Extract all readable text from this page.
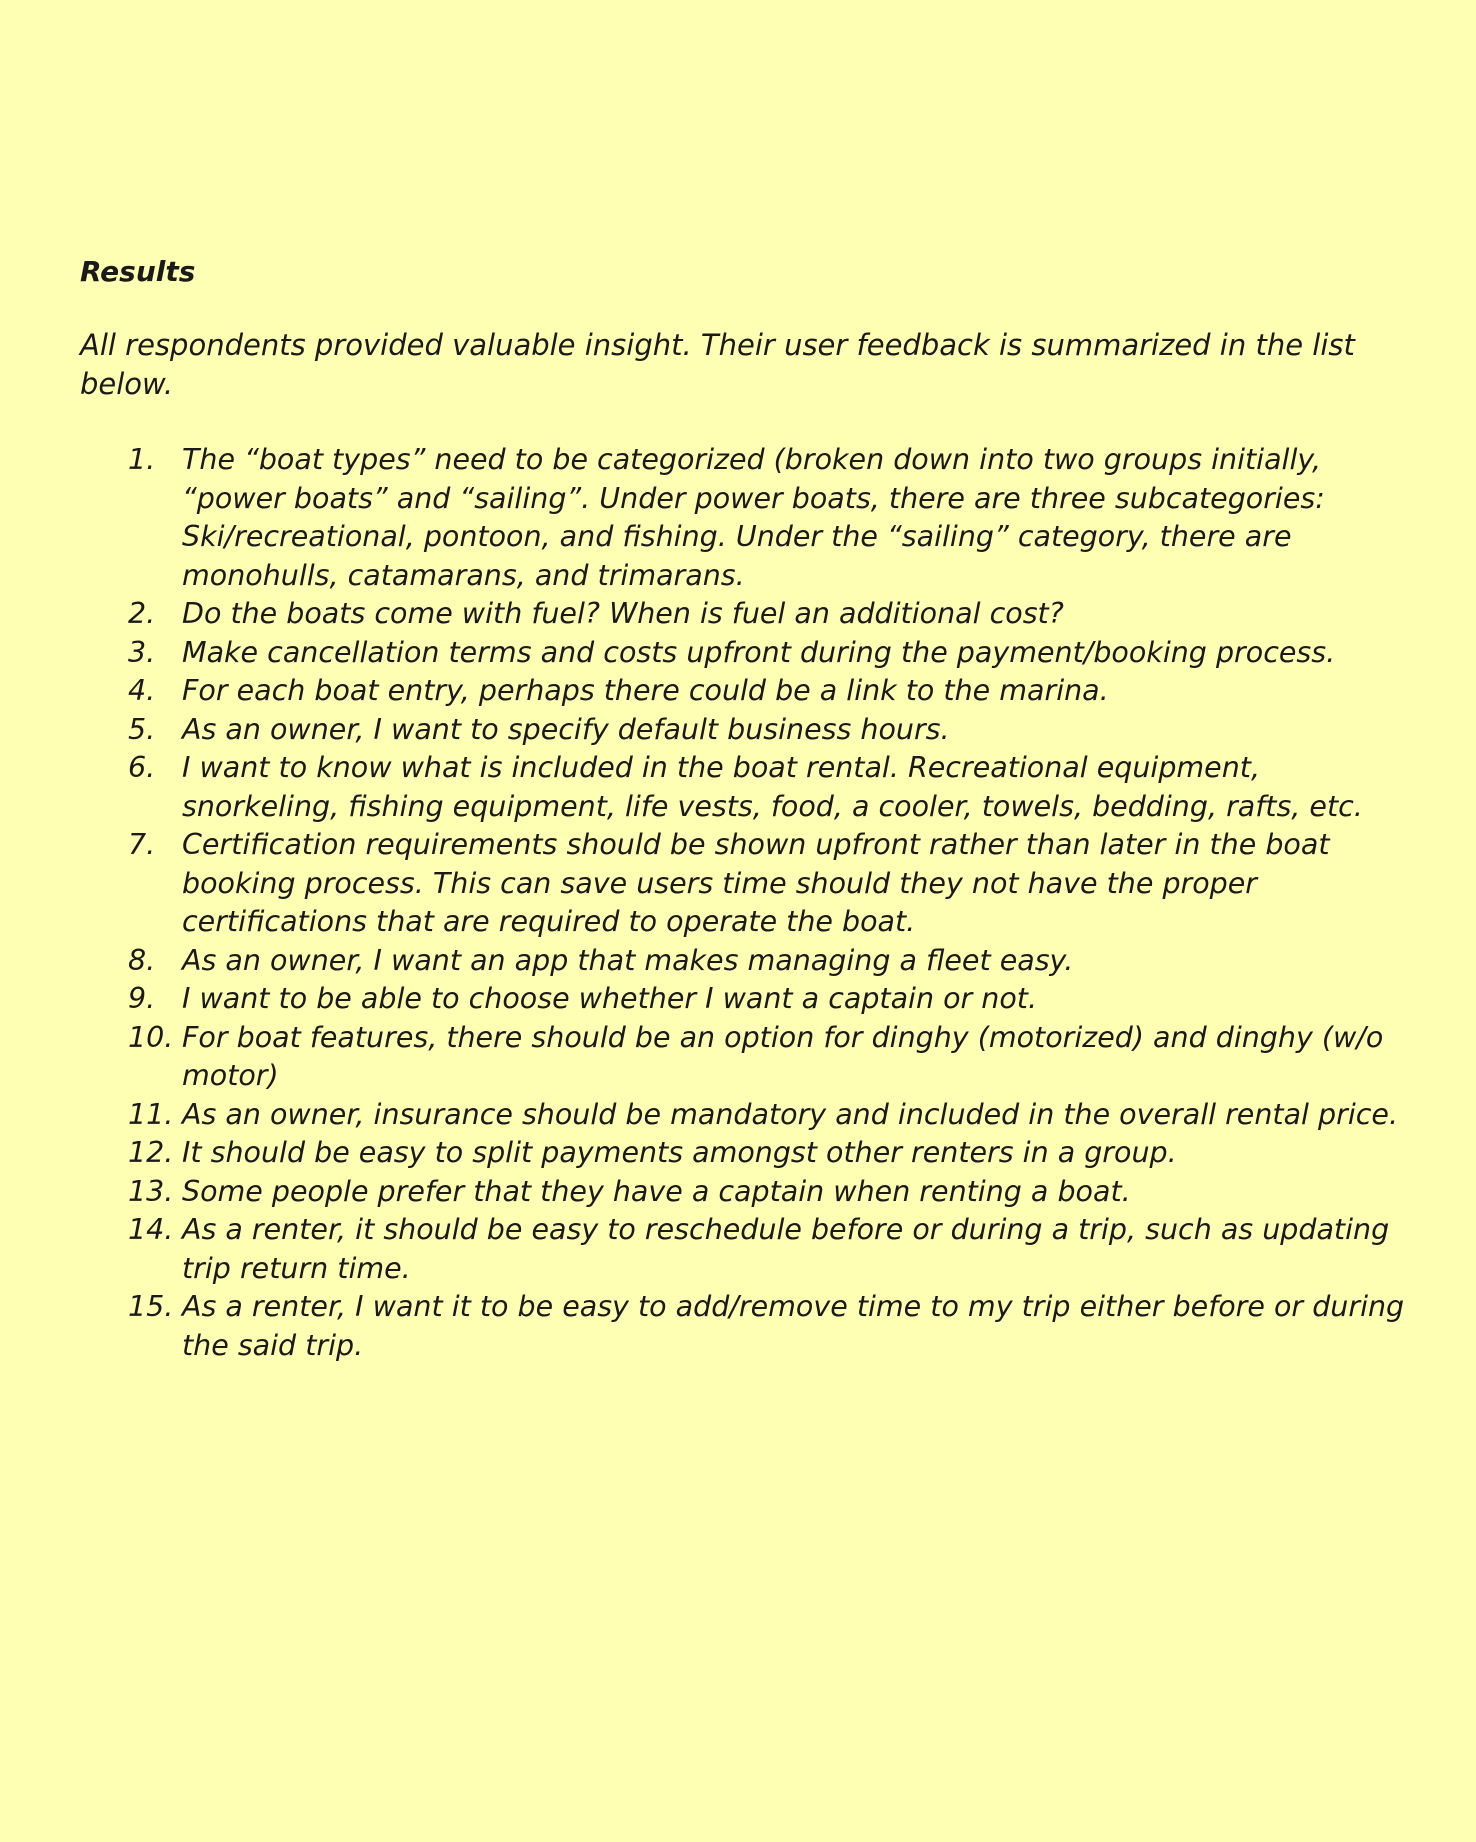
Results

All respondents provided valuable insight. Their user feedback is summarized in the list below.

1. The “boat types” need to be categorized (broken down into two groups initially, “power boats” and “sailing”. Under power boats, there are three subcategories: Ski/recreational, pontoon, and fishing. Under the “sailing” category, there are monohulls, catamarans, and trimarans.
2. Do the boats come with fuel? When is fuel an additional cost?
3. Make cancellation terms and costs upfront during the payment/booking process.
4. For each boat entry, perhaps there could be a link to the marina.
5. As an owner, I want to specify default business hours.
6. I want to know what is included in the boat rental. Recreational equipment, snorkeling, fishing equipment, life vests, food, a cooler, towels, bedding, rafts, etc.
7. Certification requirements should be shown upfront rather than later in the boat booking process. This can save users time should they not have the proper certifications that are required to operate the boat.
8. As an owner, I want an app that makes managing a fleet easy.
9. I want to be able to choose whether I want a captain or not.
10. For boat features, there should be an option for dinghy (motorized) and dinghy (w/o motor)
11. As an owner, insurance should be mandatory and included in the overall rental price.
12. It should be easy to split payments amongst other renters in a group.
13. Some people prefer that they have a captain when renting a boat.
14. As a renter, it should be easy to reschedule before or during a trip, such as updating trip return time.
15. As a renter, I want it to be easy to add/remove time to my trip either before or during the said trip.
